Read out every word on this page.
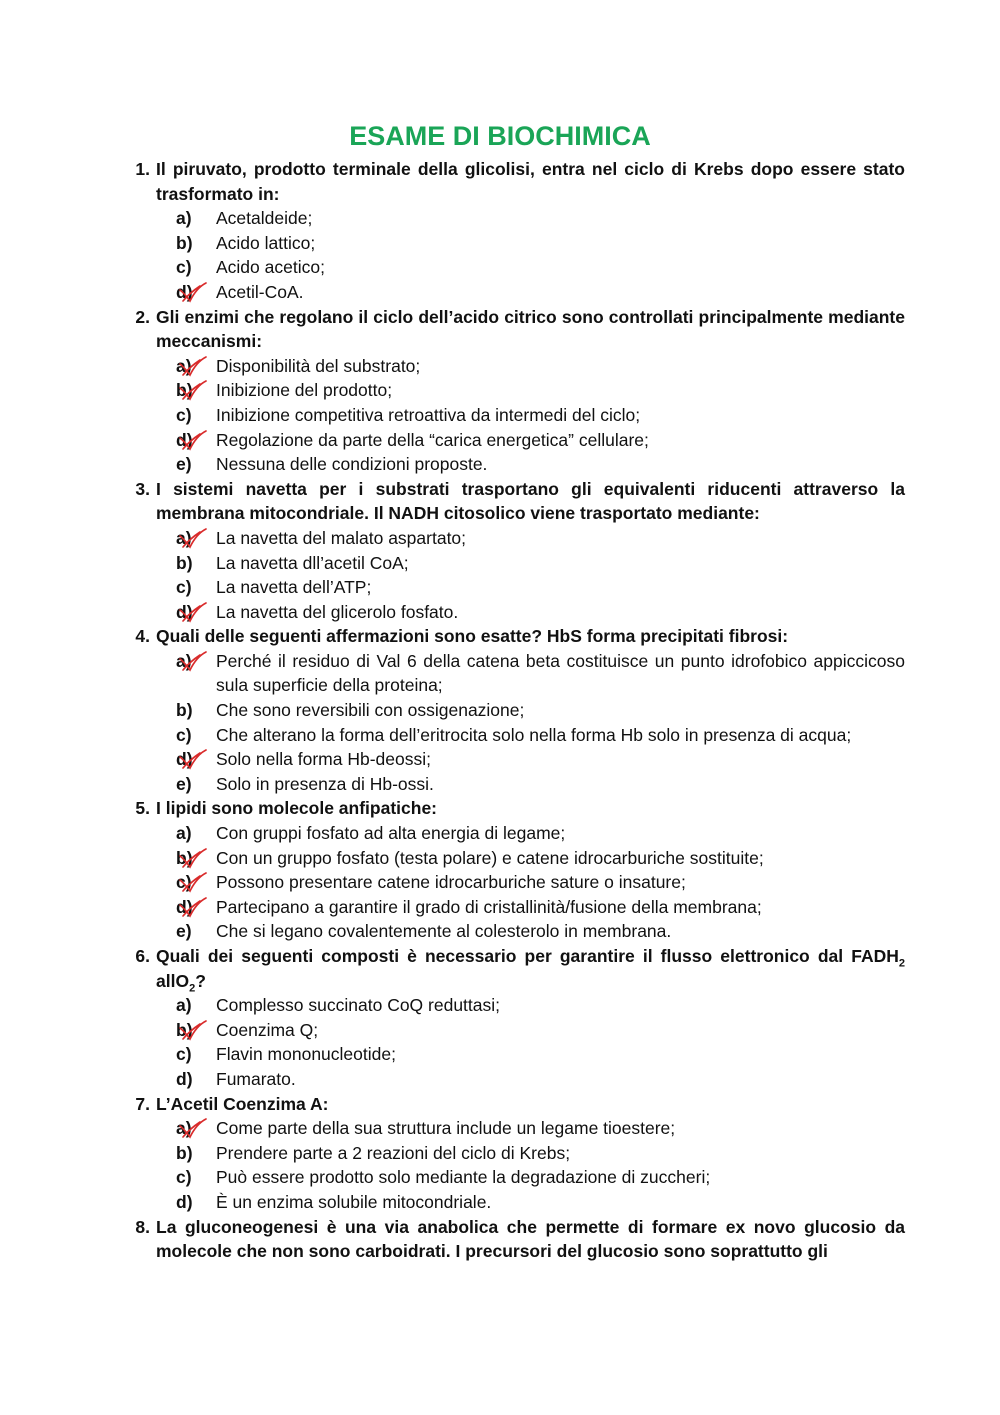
ESAME DI BIOCHIMICA
1. Il piruvato, prodotto terminale della glicolisi, entra nel ciclo di Krebs dopo essere stato trasformato in:
a)	Acetaldeide;
b)	Acido lattico;
c)	Acido acetico;
d)	Acetil-CoA.
2. Gli enzimi che regolano il ciclo dell’acido citrico sono controllati principalmente mediante meccanismi:
a)	Disponibilità del substrato;
b)	Inibizione del prodotto;
c)	Inibizione competitiva retroattiva da intermedi del ciclo;
d)	Regolazione da parte della “carica energetica” cellulare;
e)	Nessuna delle condizioni proposte.
3. I sistemi navetta per i substrati trasportano gli equivalenti riducenti attraverso la membrana mitocondriale. Il NADH citosolico viene trasportato mediante:
a)	La navetta del malato aspartato;
b)	La navetta dll’acetil CoA;
c)	La navetta dell’ATP;
d)	La navetta del glicerolo fosfato.
4. Quali delle seguenti affermazioni sono esatte? HbS forma precipitati fibrosi:
a)	Perché il residuo di Val 6 della catena beta costituisce un punto idrofobico appiccicoso sula superficie della proteina;
b)	Che sono reversibili con ossigenazione;
c)	Che alterano la forma dell’eritrocita solo nella forma Hb solo in presenza di acqua;
d)	Solo nella forma Hb-deossi;
e)	Solo in presenza di Hb-ossi.
5. I lipidi sono molecole anfipatiche:
a)	Con gruppi fosfato ad alta energia di legame;
b)	Con un gruppo fosfato (testa polare) e catene idrocarburiche sostituite;
c)	Possono presentare catene idrocarburiche sature o insature;
d)	Partecipano a garantire il grado di cristallinità/fusione della membrana;
e)	Che si legano covalentemente al colesterolo in membrana.
6. Quali dei seguenti composti è necessario per garantire il flusso elettronico dal $FADH_2$ allO$_2$?
a)	Complesso succinato CoQ reduttasi;
b)	Coenzima Q;
c)	Flavin mononucleotide;
d)	Fumarato.
7. L’Acetil Coenzima A:
a)	Come parte della sua struttura include un legame tioestere;
b)	Prendere parte a 2 reazioni del ciclo di Krebs;
c)	Può essere prodotto solo mediante la degradazione di zuccheri;
d)	È un enzima solubile mitocondriale.
8. La gluconeogenesi è una via anabolica che permette di formare ex novo glucosio da molecole che non sono carboidrati. I precursori del glucosio sono soprattutto gli
